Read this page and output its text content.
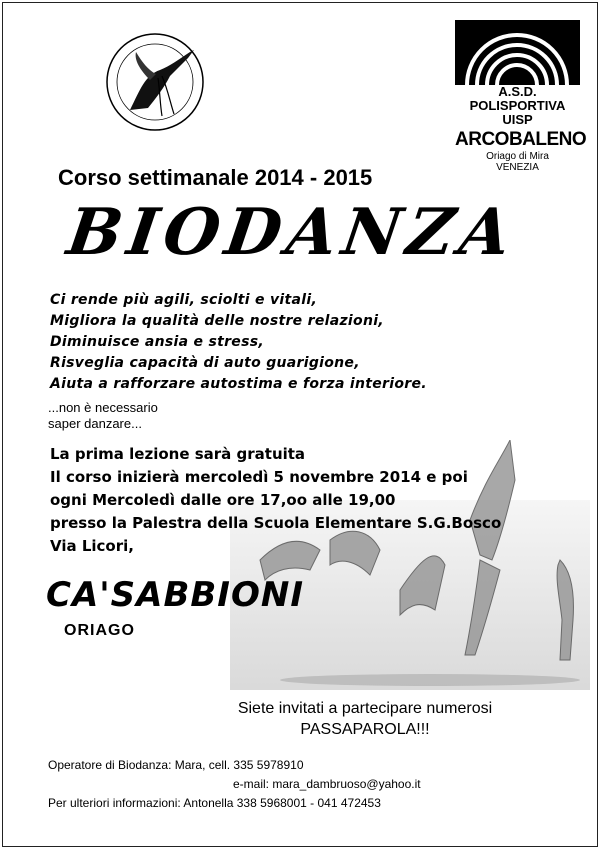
A.S.D.
POLISPORTIVA
UISP
ARCOBALENO
Oriago di Mira
VENEZIA
Corso settimanale 2014 - 2015
BIODANZA
Ci rende più agili, sciolti e vitali,
Migliora la qualità delle nostre relazioni,
Diminuisce ansia e stress,
Risveglia capacità di auto guarigione,
Aiuta a rafforzare autostima e forza interiore.
...non è necessario
saper danzare...
La prima lezione sarà gratuita
Il corso inizierà mercoledì 5 novembre 2014 e poi
ogni Mercoledì dalle ore 17,oo alle 19,00
presso la Palestra della Scuola Elementare S.G.Bosco
Via Licori,
CA'SABBIONI
ORIAGO
Siete invitati a partecipare numerosi
PASSAPAROLA!!!
Operatore di Biodanza: Mara, cell. 335 5978910
e-mail: mara_dambruoso@yahoo.it
Per ulteriori informazioni: Antonella 338 5968001 - 041 472453
